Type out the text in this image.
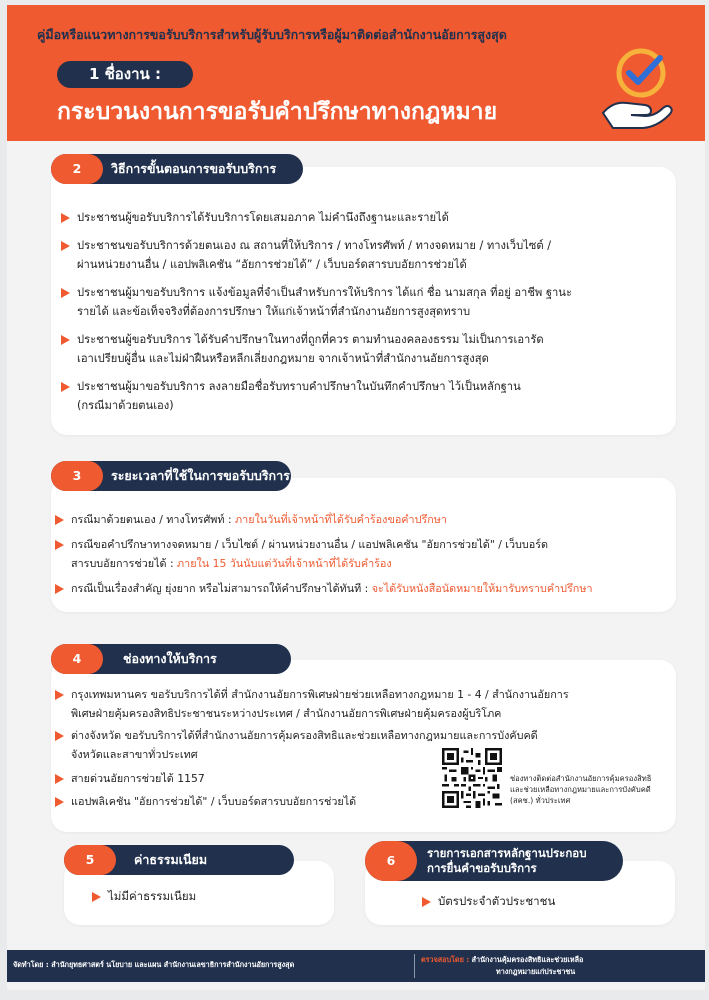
คู่มือหรือแนวทางการขอรับบริการสำหรับผู้รับบริการหรือผู้มาติดต่อสำนักงานอัยการสูงสุด
1 ชื่องาน :
กระบวนงานการขอรับคำปรึกษาทางกฎหมาย
2	วิธีการขั้นตอนการขอรับบริการ
ประชาชนผู้ขอรับบริการได้รับบริการโดยเสมอภาค ไม่คำนึงถึงฐานะและรายได้
ประชาชนขอรับบริการด้วยตนเอง ณ สถานที่ให้บริการ / ทางโทรศัพท์ / ทางจดหมาย / ทางเว็บไซต์ /
ผ่านหน่วยงานอื่น / แอปพลิเคชัน “อัยการช่วยได้” / เว็บบอร์ดสารบบอัยการช่วยได้
ประชาชนผู้มาขอรับบริการ แจ้งข้อมูลที่จำเป็นสำหรับการให้บริการ ได้แก่ ชื่อ นามสกุล ที่อยู่ อาชีพ ฐานะ
รายได้ และข้อเท็จจริงที่ต้องการปรึกษา ให้แก่เจ้าหน้าที่สำนักงานอัยการสูงสุดทราบ
ประชาชนผู้ขอรับบริการ ได้รับคำปรึกษาในทางที่ถูกที่ควร ตามทำนองคลองธรรม ไม่เป็นการเอารัด
เอาเปรียบผู้อื่น และไม่ฝ่าฝืนหรือหลีกเลี่ยงกฎหมาย จากเจ้าหน้าที่สำนักงานอัยการสูงสุด
ประชาชนผู้มาขอรับบริการ ลงลายมือชื่อรับทราบคำปรึกษาในบันทึกคำปรึกษา ไว้เป็นหลักฐาน
(กรณีมาด้วยตนเอง)
3	ระยะเวลาที่ใช้ในการขอรับบริการ
กรณีมาด้วยตนเอง / ทางโทรศัพท์ : ภายในวันที่เจ้าหน้าที่ได้รับคำร้องขอคำปรึกษา
กรณีขอคำปรึกษาทางจดหมาย / เว็บไซต์ / ผ่านหน่วยงานอื่น / แอปพลิเคชัน "อัยการช่วยได้" / เว็บบอร์ด
สารบบอัยการช่วยได้ : ภายใน 15 วันนับแต่วันที่เจ้าหน้าที่ได้รับคำร้อง
กรณีเป็นเรื่องสำคัญ ยุ่งยาก หรือไม่สามารถให้คำปรึกษาได้ทันที : จะได้รับหนังสือนัดหมายให้มารับทราบคำปรึกษา
4	ช่องทางให้บริการ
กรุงเทพมหานคร ขอรับบริการได้ที่ สำนักงานอัยการพิเศษฝ่ายช่วยเหลือทางกฎหมาย 1 - 4 / สำนักงานอัยการ
พิเศษฝ่ายคุ้มครองสิทธิประชาชนระหว่างประเทศ / สำนักงานอัยการพิเศษฝ่ายคุ้มครองผู้บริโภค
ต่างจังหวัด ขอรับบริการได้ที่สำนักงานอัยการคุ้มครองสิทธิและช่วยเหลือทางกฎหมายและการบังคับคดี
จังหวัดและสาขาทั่วประเทศ
สายด่วนอัยการช่วยได้ 1157
แอปพลิเคชัน "อัยการช่วยได้" / เว็บบอร์ดสารบบอัยการช่วยได้
ช่องทางติดต่อสำนักงานอัยการคุ้มครองสิทธิ
และช่วยเหลือทางกฎหมายและการบังคับคดี
(สคช.) ทั่วประเทศ
5	ค่าธรรมเนียม
ไม่มีค่าธรรมเนียม
6	รายการเอกสารหลักฐานประกอบ
การยื่นคำขอรับบริการ
บัตรประจำตัวประชาชน
จัดทำโดย : สำนักยุทธศาสตร์ นโยบาย และแผน สำนักงานเลขาธิการสำนักงานอัยการสูงสุด
ตรวจสอบโดย : สำนักงานคุ้มครองสิทธิและช่วยเหลือ
ทางกฎหมายแก่ประชาชน
